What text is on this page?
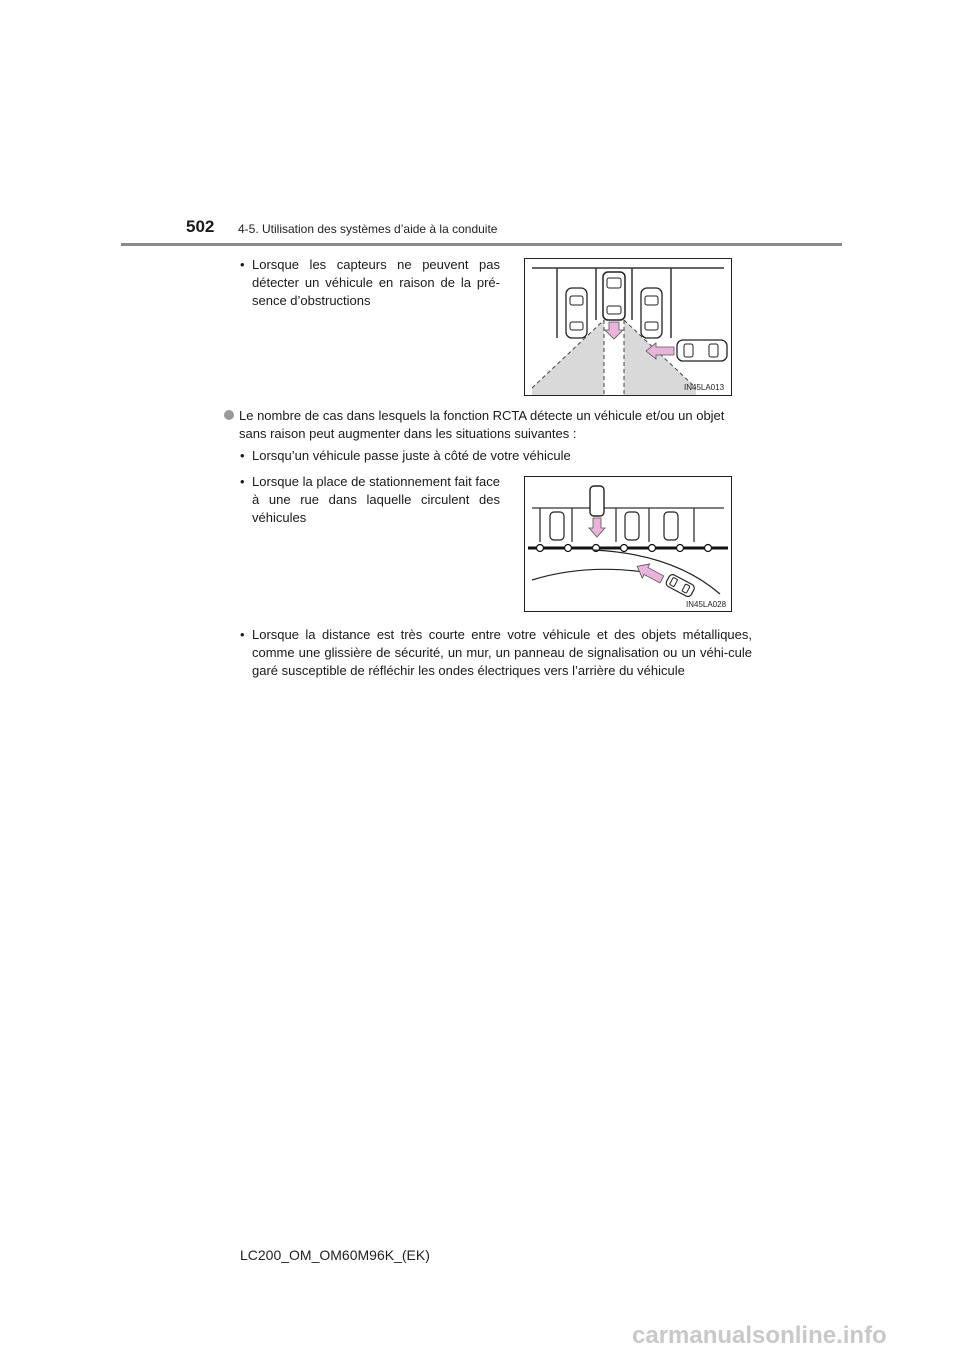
502 4-5. Utilisation des systèmes d’aide à la conduite
• Lorsque les capteurs ne peuvent pas détecter un véhicule en raison de la pré-sence d’obstructions
IN45LA013
Le nombre de cas dans lesquels la fonction RCTA détecte un véhicule et/ou un objet sans raison peut augmenter dans les situations suivantes :
• Lorsqu’un véhicule passe juste à côté de votre véhicule
• Lorsque la place de stationnement fait face à une rue dans laquelle circulent des véhicules
IN45LA028
• Lorsque la distance est très courte entre votre véhicule et des objets métalliques, comme une glissière de sécurité, un mur, un panneau de signalisation ou un véhi-cule garé susceptible de réfléchir les ondes électriques vers l’arrière du véhicule
LC200_OM_OM60M96K_(EK)
carmanualsonline.info
